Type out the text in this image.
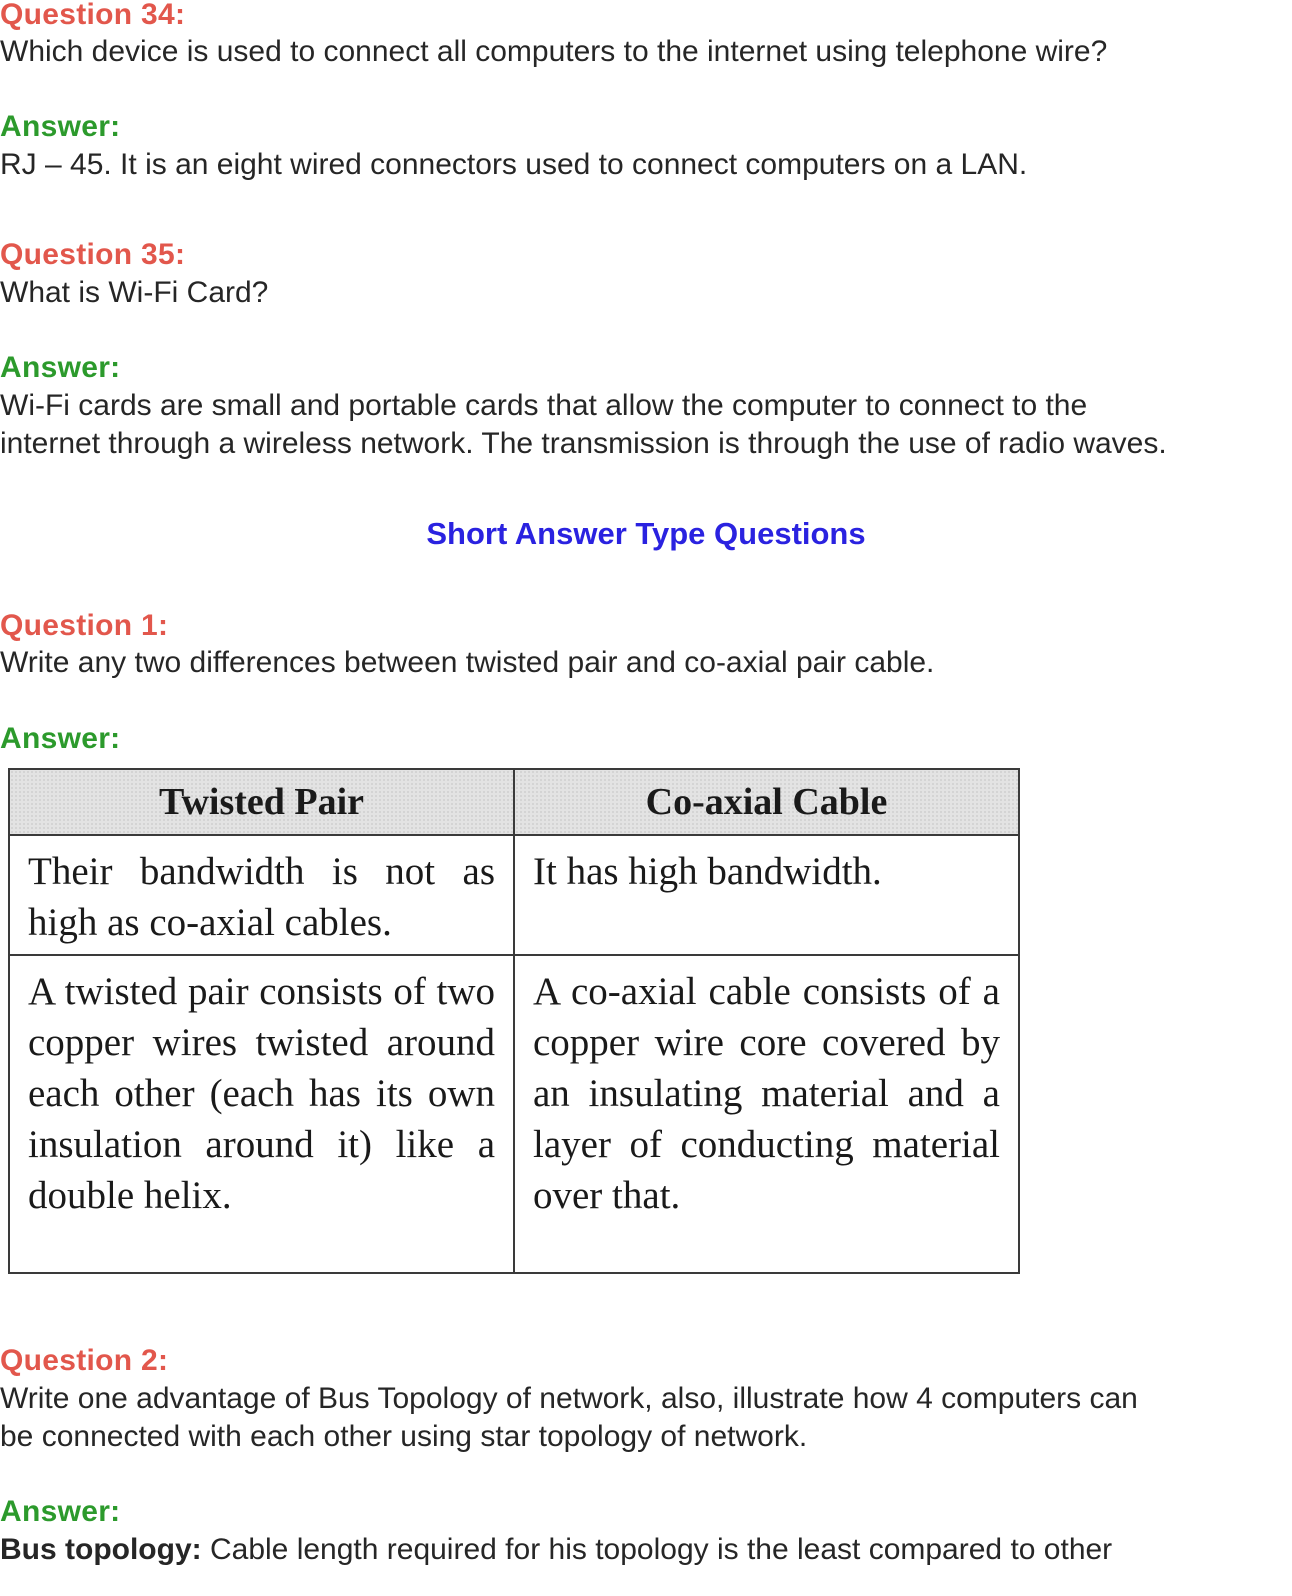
Question 34:

Which device is used to connect all computers to the internet using telephone wire?

Answer:

RJ – 45. It is an eight wired connectors used to connect computers on a LAN.

Question 35:

What is Wi-Fi Card?

Answer:

Wi-Fi cards are small and portable cards that allow the computer to connect to the

internet through a wireless network. The transmission is through the use of radio waves.

Short Answer Type Questions

Question 1:

Write any two differences between twisted pair and co-axial pair cable.

Answer:

Twisted Pair	Co-axial Cable
Their bandwidth is not as high as co-axial cables.	It has high bandwidth.
A twisted pair consists of two copper wires twisted around each other (each has its own insulation around it) like a double helix.	A co-axial cable consists of a copper wire core covered by an insulating material and a layer of conducting material over that.

Question 2:

Write one advantage of Bus Topology of network, also, illustrate how 4 computers can

be connected with each other using star topology of network.

Answer:

Bus topology: Cable length required for his topology is the least compared to other
